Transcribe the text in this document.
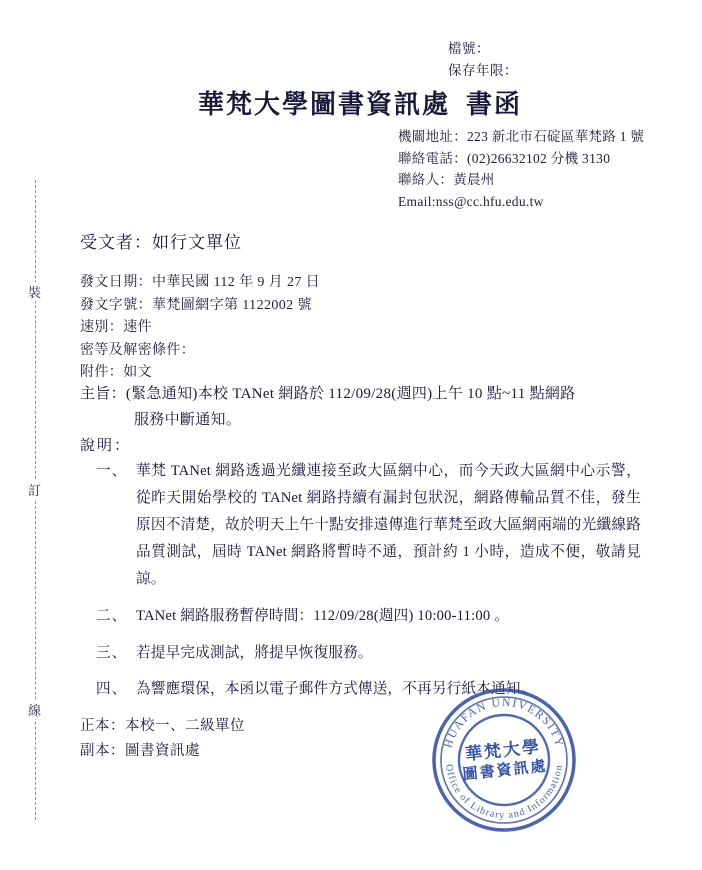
檔號：
保存年限：
華梵大學圖書資訊處 書函
機關地址：223 新北市石碇區華梵路 1 號
聯絡電話：(02)26632102 分機 3130
聯絡人：黃晨州
Email:nss@cc.hfu.edu.tw
受文者：如行文單位
發文日期：中華民國 112 年 9 月 27 日
發文字號：華梵圖網字第 1122002 號
速別：速件
密等及解密條件：
附件：如文
主旨：(緊急通知)本校 TANet 網路於 112/09/28(週四)上午 10 點~11 點網路
服務中斷通知。
說明：
一、 華梵 TANet 網路透過光纖連接至政大區網中心，而今天政大區網中心示警，從昨天開始學校的 TANet 網路持續有漏封包狀況，網路傳輸品質不佳，發生原因不清楚，故於明天上午十點安排遠傳進行華梵至政大區網兩端的光纖線路品質測試，屆時 TANet 網路將暫時不通，預計約 1 小時，造成不便，敬請見諒。
二、 TANet 網路服務暫停時間：112/09/28(週四) 10:00-11:00 。
三、 若提早完成測試，將提早恢復服務。
四、 為響應環保，本函以電子郵件方式傳送，不再另行紙本通知。
正本：本校一、二級單位
副本：圖書資訊處
裝
訂
線
HUAFAN UNIVERSITY
Office of Library and Information
華梵大學
圖書資訊處
